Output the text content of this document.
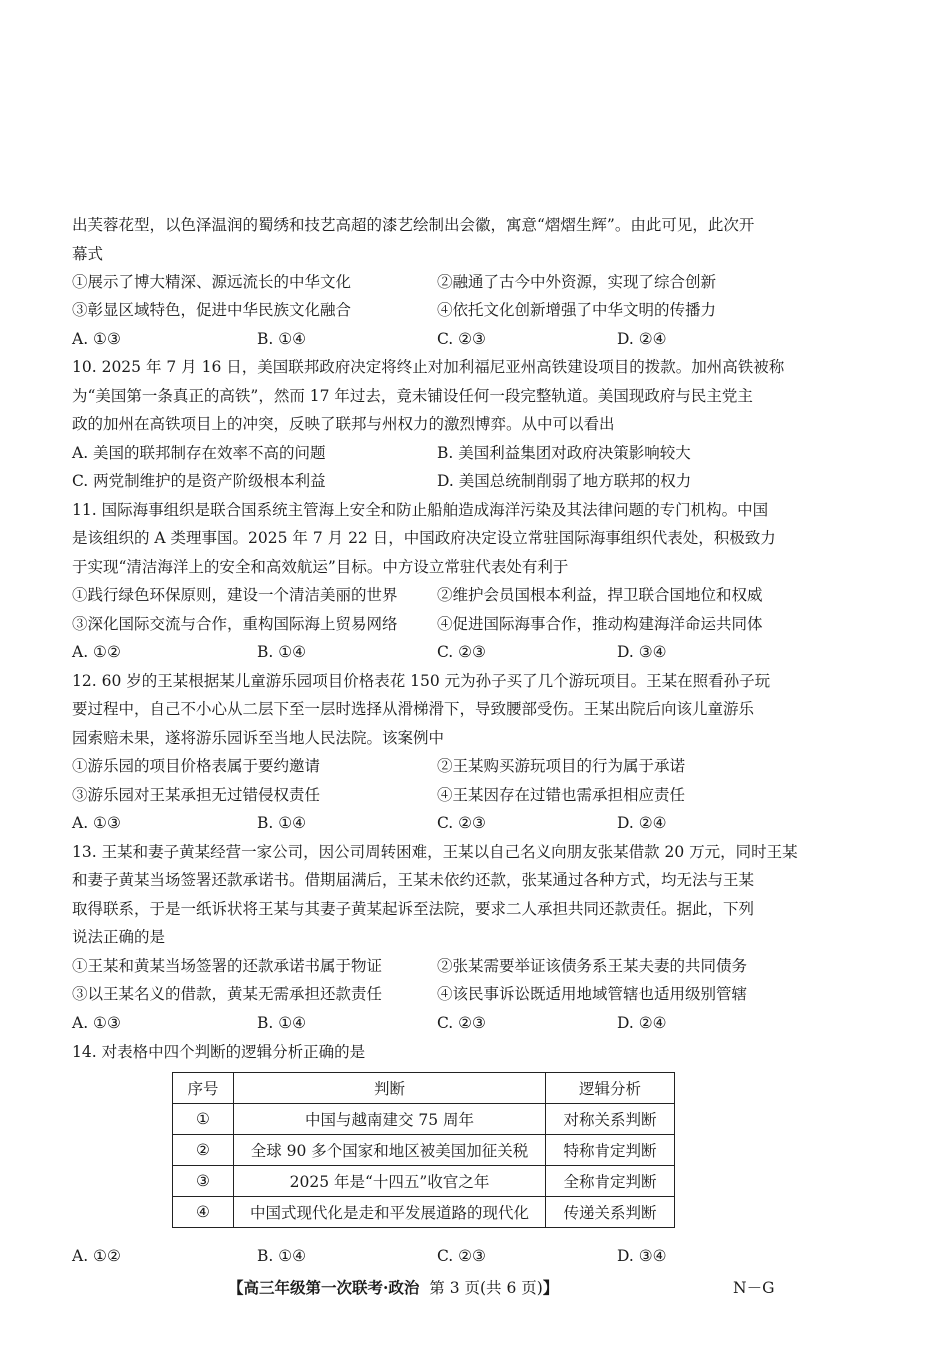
出芙蓉花型，以色泽温润的蜀绣和技艺高超的漆艺绘制出会徽，寓意“熠熠生辉”。由此可见，此次开
幕式
①展示了博大精深、源远流长的中华文化	②融通了古今中外资源，实现了综合创新
③彰显区域特色，促进中华民族文化融合	④依托文化创新增强了中华文明的传播力
A. ①③	B. ①④	C. ②③	D. ②④
10. 2025 年 7 月 16 日，美国联邦政府决定将终止对加利福尼亚州高铁建设项目的拨款。加州高铁被称
为“美国第一条真正的高铁”，然而 17 年过去，竟未铺设任何一段完整轨道。美国现政府与民主党主
政的加州在高铁项目上的冲突，反映了联邦与州权力的激烈博弈。从中可以看出
A. 美国的联邦制存在效率不高的问题	B. 美国利益集团对政府决策影响较大
C. 两党制维护的是资产阶级根本利益	D. 美国总统制削弱了地方联邦的权力
11. 国际海事组织是联合国系统主管海上安全和防止船舶造成海洋污染及其法律问题的专门机构。中国
是该组织的 A 类理事国。2025 年 7 月 22 日，中国政府决定设立常驻国际海事组织代表处，积极致力
于实现“清洁海洋上的安全和高效航运”目标。中方设立常驻代表处有利于
①践行绿色环保原则，建设一个清洁美丽的世界	②维护会员国根本利益，捍卫联合国地位和权威
③深化国际交流与合作，重构国际海上贸易网络	④促进国际海事合作，推动构建海洋命运共同体
A. ①②	B. ①④	C. ②③	D. ③④
12. 60 岁的王某根据某儿童游乐园项目价格表花 150 元为孙子买了几个游玩项目。王某在照看孙子玩
要过程中，自己不小心从二层下至一层时选择从滑梯滑下，导致腰部受伤。王某出院后向该儿童游乐
园索赔未果，遂将游乐园诉至当地人民法院。该案例中
①游乐园的项目价格表属于要约邀请	②王某购买游玩项目的行为属于承诺
③游乐园对王某承担无过错侵权责任	④王某因存在过错也需承担相应责任
A. ①③	B. ①④	C. ②③	D. ②④
13. 王某和妻子黄某经营一家公司，因公司周转困难，王某以自己名义向朋友张某借款 20 万元，同时王某
和妻子黄某当场签署还款承诺书。借期届满后，王某未依约还款，张某通过各种方式，均无法与王某
取得联系，于是一纸诉状将王某与其妻子黄某起诉至法院，要求二人承担共同还款责任。据此，下列
说法正确的是
①王某和黄某当场签署的还款承诺书属于物证	②张某需要举证该债务系王某夫妻的共同债务
③以王某名义的借款，黄某无需承担还款责任	④该民事诉讼既适用地域管辖也适用级别管辖
A. ①③	B. ①④	C. ②③	D. ②④
14. 对表格中四个判断的逻辑分析正确的是
序号	判断	逻辑分析
①	中国与越南建交 75 周年	对称关系判断
②	全球 90 多个国家和地区被美国加征关税	特称肯定判断
③	2025 年是“十四五”收官之年	全称肯定判断
④	中国式现代化是走和平发展道路的现代化	传递关系判断
A. ①②	B. ①④	C. ②③	D. ③④
【高三年级第一次联考·政治 第 3 页(共 6 页)】	N－G
